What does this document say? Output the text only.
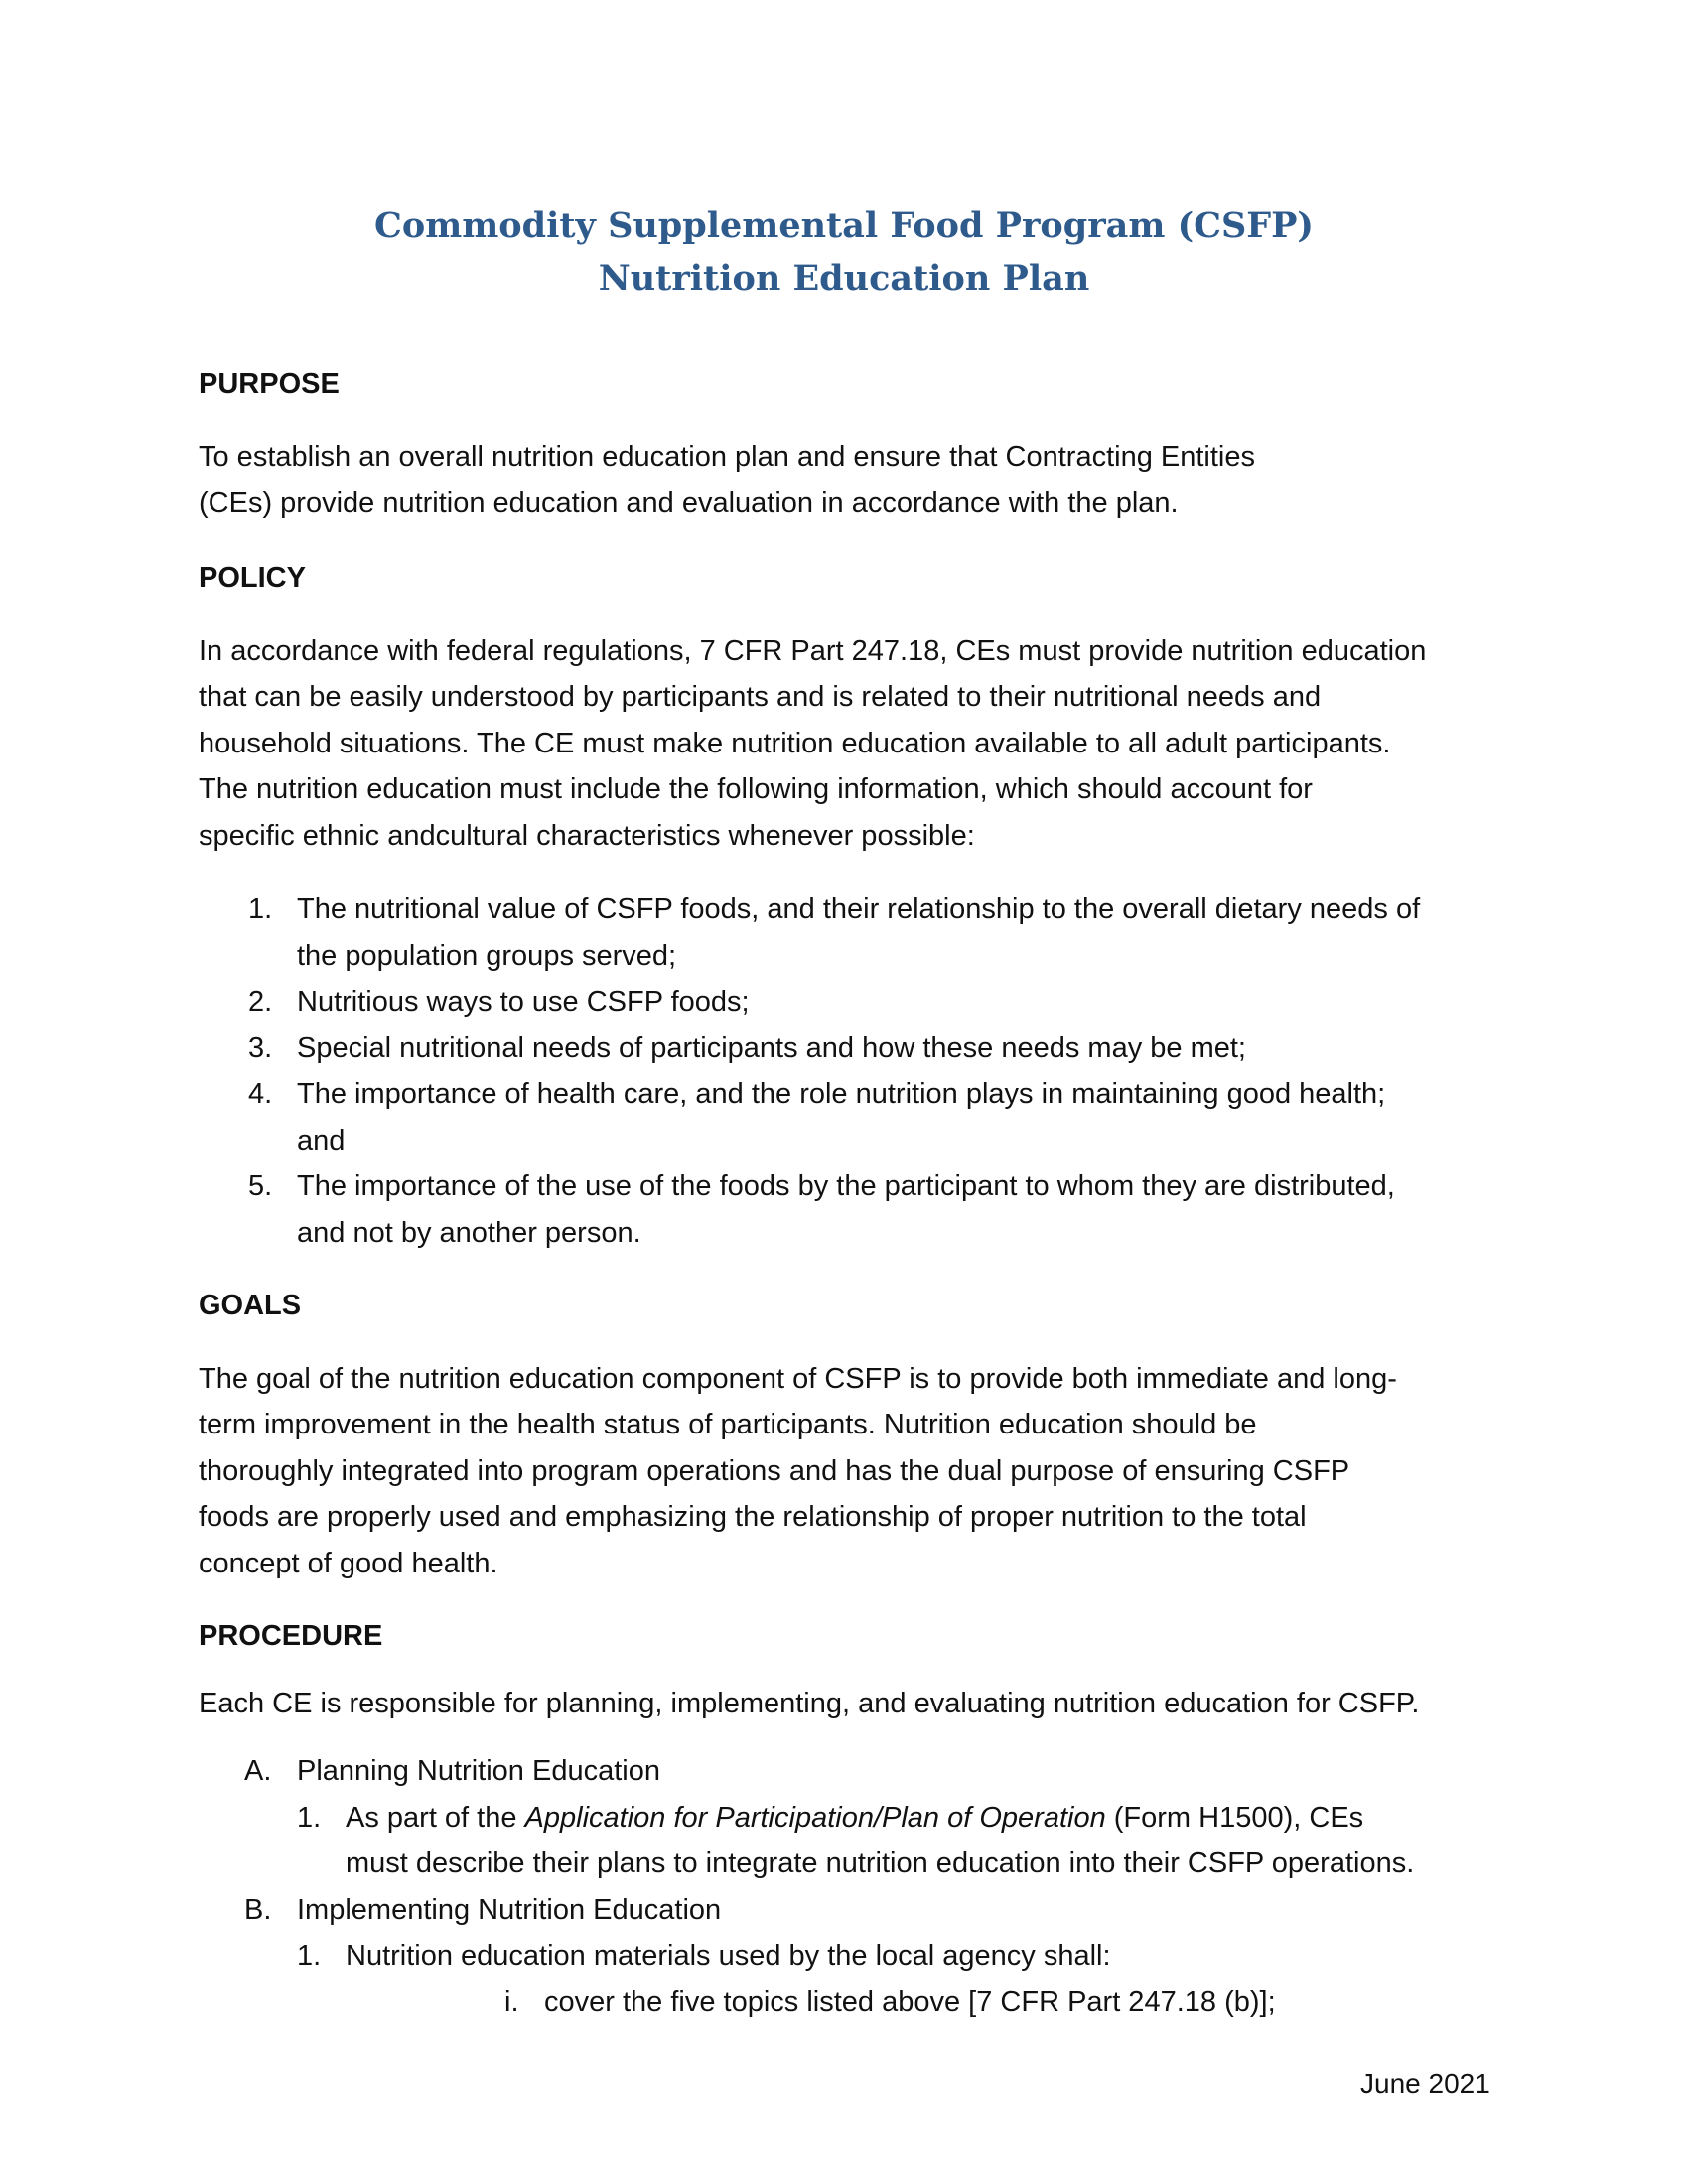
Commodity Supplemental Food Program (CSFP)
Nutrition Education Plan
PURPOSE
To establish an overall nutrition education plan and ensure that Contracting Entities
(CEs) provide nutrition education and evaluation in accordance with the plan.
POLICY
In accordance with federal regulations, 7 CFR Part 247.18, CEs must provide nutrition education
that can be easily understood by participants and is related to their nutritional needs and
household situations. The CE must make nutrition education available to all adult participants.
The nutrition education must include the following information, which should account for
specific ethnic andcultural characteristics whenever possible:
1. The nutritional value of CSFP foods, and their relationship to the overall dietary needs of
the population groups served;
2. Nutritious ways to use CSFP foods;
3. Special nutritional needs of participants and how these needs may be met;
4. The importance of health care, and the role nutrition plays in maintaining good health;
and
5. The importance of the use of the foods by the participant to whom they are distributed,
and not by another person.
GOALS
The goal of the nutrition education component of CSFP is to provide both immediate and long-
term improvement in the health status of participants. Nutrition education should be
thoroughly integrated into program operations and has the dual purpose of ensuring CSFP
foods are properly used and emphasizing the relationship of proper nutrition to the total
concept of good health.
PROCEDURE
Each CE is responsible for planning, implementing, and evaluating nutrition education for CSFP.
A. Planning Nutrition Education
1. As part of the Application for Participation/Plan of Operation (Form H1500), CEs
must describe their plans to integrate nutrition education into their CSFP operations.
B. Implementing Nutrition Education
1. Nutrition education materials used by the local agency shall:
i. cover the five topics listed above [7 CFR Part 247.18 (b)];
June 2021
